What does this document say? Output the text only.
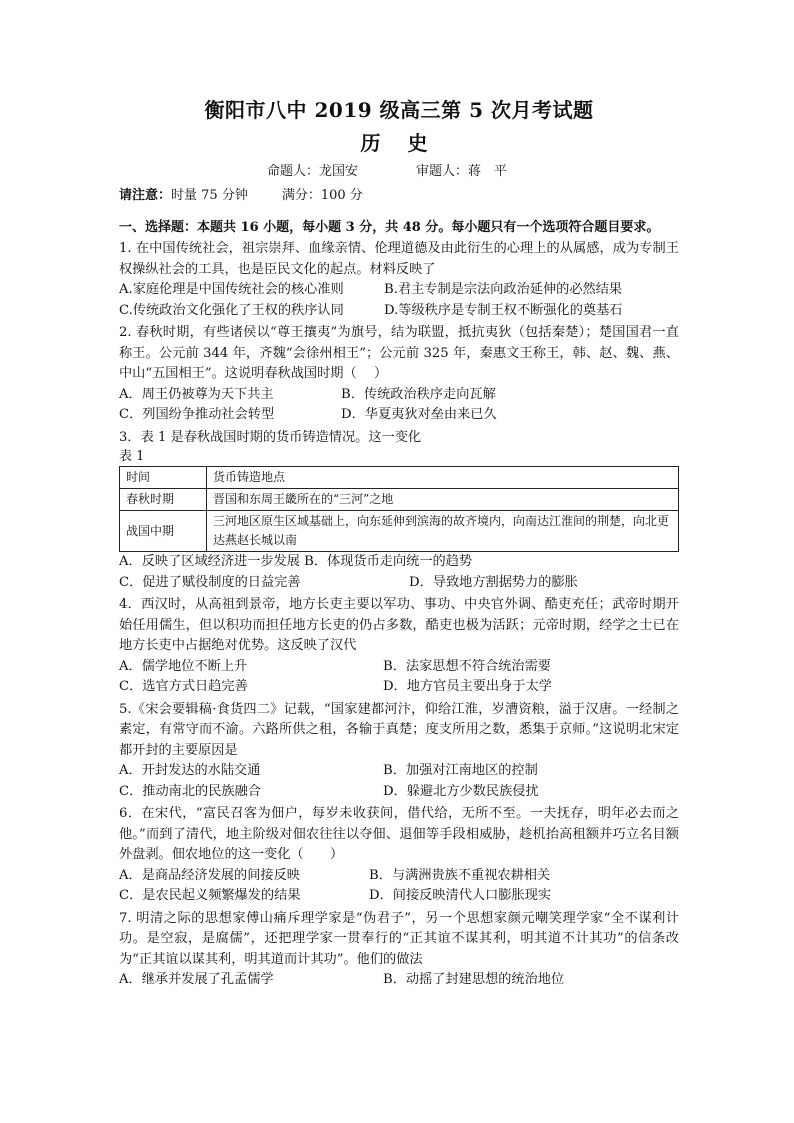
衡阳市八中 2019 级高三第 5 次月考试题
历 史
命题人：龙国安	审题人：蒋　平
请注意：时量 75 分钟	满分：100 分
一、选择题：本题共 16 小题，每小题 3 分，共 48 分。每小题只有一个选项符合题目要求。

1. 在中国传统社会，祖宗崇拜、血缘亲情、伦理道德及由此衍生的心理上的从属感，成为专制王权操纵社会的工具，也是臣民文化的起点。材料反映了

A.家庭伦理是中国传统社会的核心准则	B.君主专制是宗法向政治延伸的必然结果
C.传统政治文化强化了王权的秩序认同	D.等级秩序是专制王权不断强化的奠基石

2. 春秋时期，有些诸侯以“尊王攘夷”为旗号，结为联盟，抵抗夷狄（包括秦楚）；楚国国君一直称王。公元前 344 年，齐魏“会徐州相王”；公元前 325 年，秦惠文王称王，韩、赵、魏、燕、中山“五国相王”。这说明春秋战国时期（　 ）

A．周王仍被尊为天下共主	B．传统政治秩序走向瓦解
C．列国纷争推动社会转型	D．华夏夷狄对垒由来已久

3．表 1 是春秋战国时期的货币铸造情况。这一变化

表 1
时间	货币铸造地点
春秋时期	晋国和东周王畿所在的“三河”之地
战国中期	三河地区原生区域基础上，向东延伸到滨海的故齐境内，向南达江淮间的荆楚，向北更达燕赵长城以南
A．反映了区域经济进一步发展 B．体现货币走向统一的趋势
C．促进了赋役制度的日益完善	D．导致地方割据势力的膨胀

4．西汉时，从高祖到景帝，地方长吏主要以军功、事功、中央官外调、酷吏充任；武帝时期开始任用儒生，但以积功而担任地方长吏的仍占多数，酷吏也极为活跃；元帝时期，经学之士已在地方长吏中占据绝对优势。这反映了汉代

A．儒学地位不断上升	B．法家思想不符合统治需要
C．选官方式日趋完善	D．地方官员主要出身于太学

5.《宋会要辑稿·食货四二》记载，“国家建都河汴，仰给江淮，岁漕资粮，溢于汉唐。一经制之素定，有常守而不渝。六路所供之租，各输于真楚；度支所用之数，悉集于京师。”这说明北宋定都开封的主要原因是

A．开封发达的水陆交通	B．加强对江南地区的控制
C．推动南北的民族融合	D．躲避北方少数民族侵扰

6．在宋代，“富民召客为佃户，每岁未收获间，借代给，无所不至。一夫抚存，明年必去而之他。”而到了清代，地主阶级对佃农往往以夺佃、退佃等手段相威胁，趁机抬高租额并巧立名目额外盘剥。佃农地位的这一变化（　　）

A．是商品经济发展的间接反映	B．与满洲贵族不重视农耕相关
C．是农民起义频繁爆发的结果	D．间接反映清代人口膨胀现实

7. 明清之际的思想家傅山痛斥理学家是“伪君子”，另一个思想家颜元嘲笑理学家“全不谋利计功。是空寂，是腐儒”，还把理学家一贯奉行的“正其谊不谋其利，明其道不计其功”的信条改为“正其谊以谋其利，明其道而计其功”。他们的做法

A．继承并发展了孔孟儒学	B．动摇了封建思想的统治地位
